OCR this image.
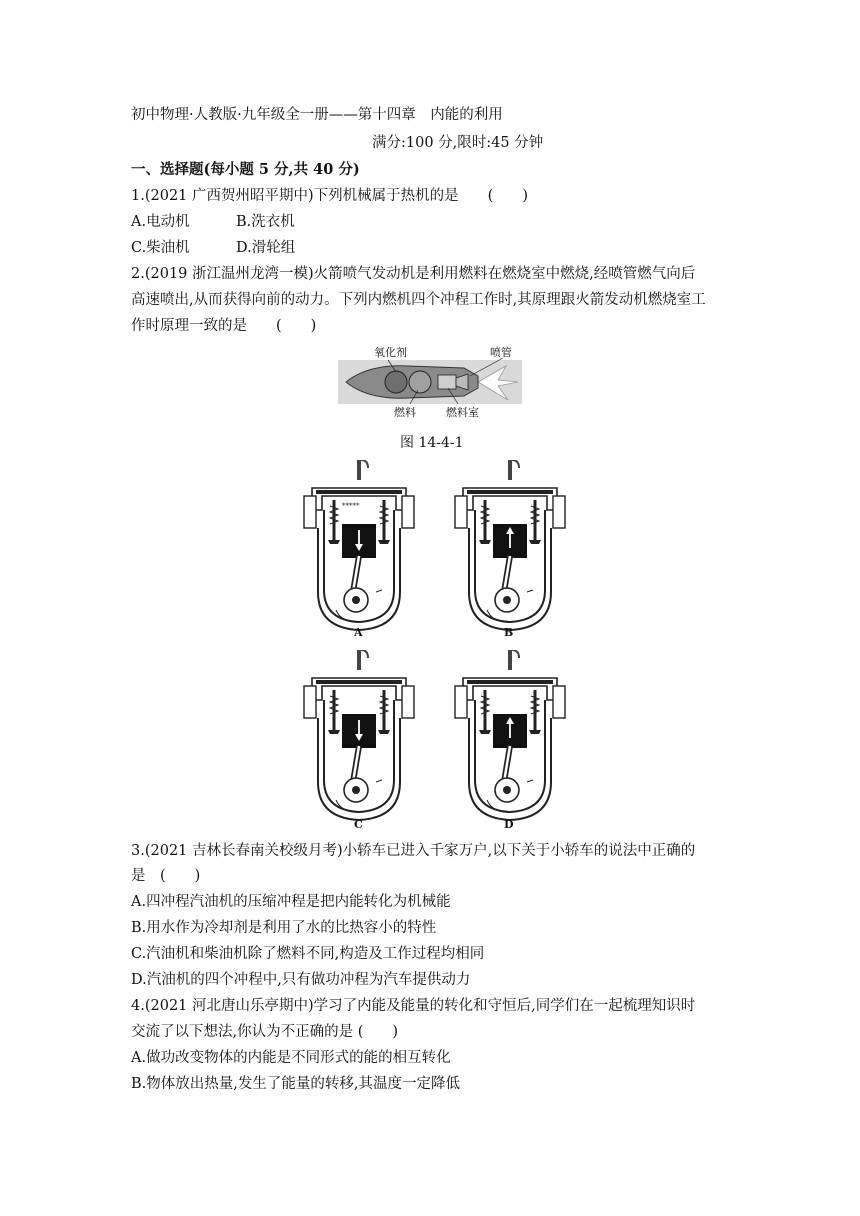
初中物理·人教版·九年级全一册——第十四章　内能的利用
满分:100 分,限时:45 分钟
一、选择题(每小题 5 分,共 40 分)
1.(2021 广西贺州昭平期中)下列机械属于热机的是　　(　　)
A.电动机	B.洗衣机
C.柴油机	D.滑轮组
2.(2019 浙江温州龙湾一模)火箭喷气发动机是利用燃料在燃烧室中燃烧,经喷管燃气向后
高速喷出,从而获得向前的动力。下列内燃机四个冲程工作时,其原理跟火箭发动机燃烧室工
作时原理一致的是　　(　　)
氧化剂	喷管
燃料	燃料室
图 14-4-1
*****
A	B
C	D
3.(2021 吉林长春南关校级月考)小轿车已进入千家万户,以下关于小轿车的说法中正确的
是　(　　)
A.四冲程汽油机的压缩冲程是把内能转化为机械能
B.用水作为冷却剂是利用了水的比热容小的特性
C.汽油机和柴油机除了燃料不同,构造及工作过程均相同
D.汽油机的四个冲程中,只有做功冲程为汽车提供动力
4.(2021 河北唐山乐亭期中)学习了内能及能量的转化和守恒后,同学们在一起梳理知识时
交流了以下想法,你认为不正确的是 (　　)
A.做功改变物体的内能是不同形式的能的相互转化
B.物体放出热量,发生了能量的转移,其温度一定降低
